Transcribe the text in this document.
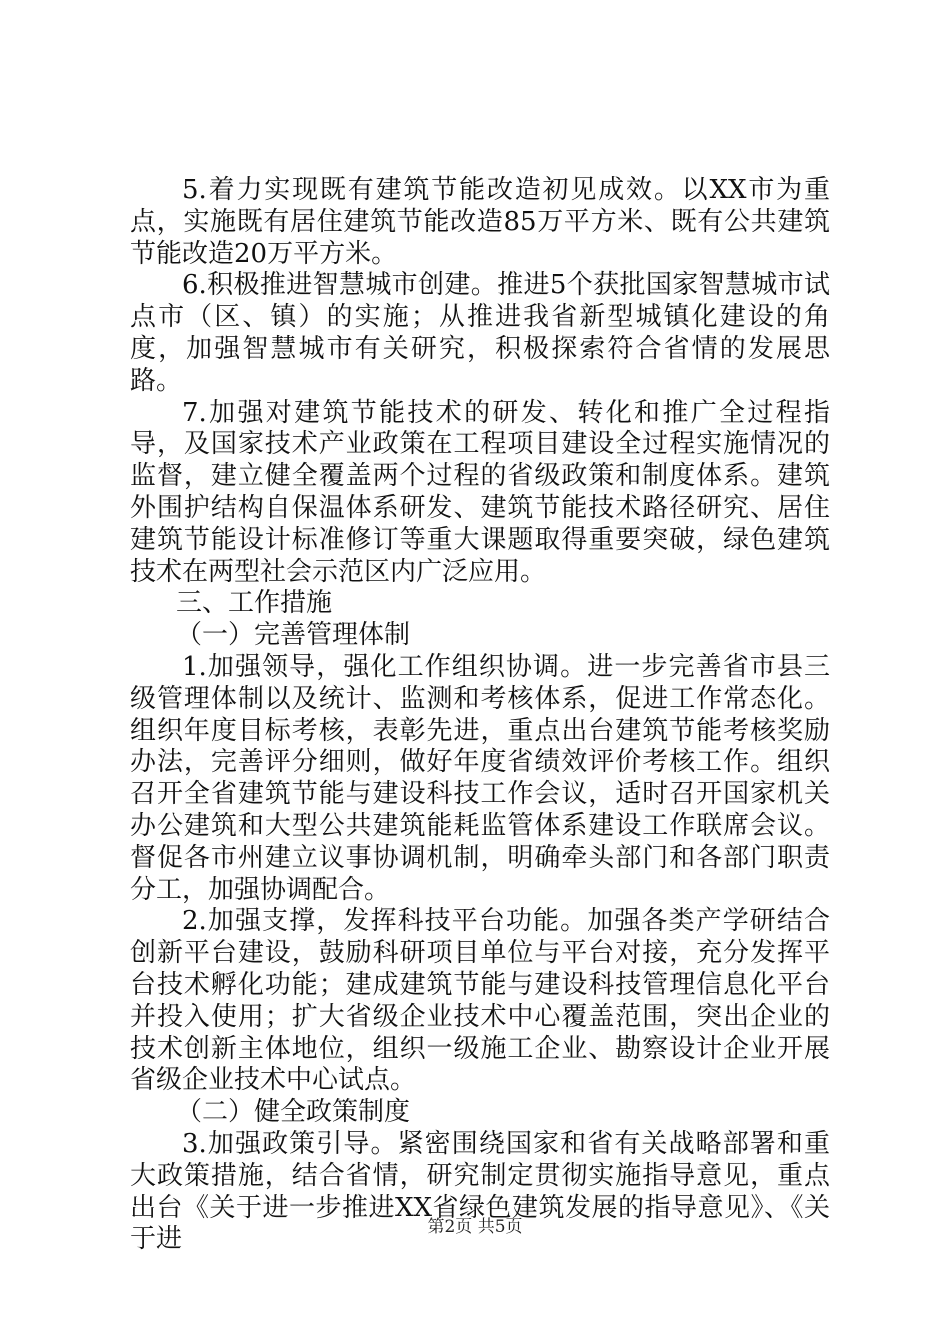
5.着力实现既有建筑节能改造初见成效。以XX市为重点，实施既有居住建筑节能改造85万平方米、既有公共建筑节能改造20万平方米。

6.积极推进智慧城市创建。推进5个获批国家智慧城市试点市（区、镇）的实施；从推进我省新型城镇化建设的角度，加强智慧城市有关研究，积极探索符合省情的发展思路。

7.加强对建筑节能技术的研发、转化和推广全过程指导，及国家技术产业政策在工程项目建设全过程实施情况的监督，建立健全覆盖两个过程的省级政策和制度体系。建筑外围护结构自保温体系研发、建筑节能技术路径研究、居住建筑节能设计标准修订等重大课题取得重要突破，绿色建筑技术在两型社会示范区内广泛应用。

三、工作措施

（一）完善管理体制

1.加强领导，强化工作组织协调。进一步完善省市县三级管理体制以及统计、监测和考核体系，促进工作常态化。组织年度目标考核，表彰先进，重点出台建筑节能考核奖励办法，完善评分细则，做好年度省绩效评价考核工作。组织召开全省建筑节能与建设科技工作会议，适时召开国家机关办公建筑和大型公共建筑能耗监管体系建设工作联席会议。督促各市州建立议事协调机制，明确牵头部门和各部门职责分工，加强协调配合。

2.加强支撑，发挥科技平台功能。加强各类产学研结合创新平台建设，鼓励科研项目单位与平台对接，充分发挥平台技术孵化功能；建成建筑节能与建设科技管理信息化平台并投入使用；扩大省级企业技术中心覆盖范围，突出企业的技术创新主体地位，组织一级施工企业、勘察设计企业开展省级企业技术中心试点。

（二）健全政策制度

3.加强政策引导。紧密围绕国家和省有关战略部署和重大政策措施，结合省情，研究制定贯彻实施指导意见，重点出台《关于进一步推进XX省绿色建筑发展的指导意见》、《关于进	第2页 共5页
